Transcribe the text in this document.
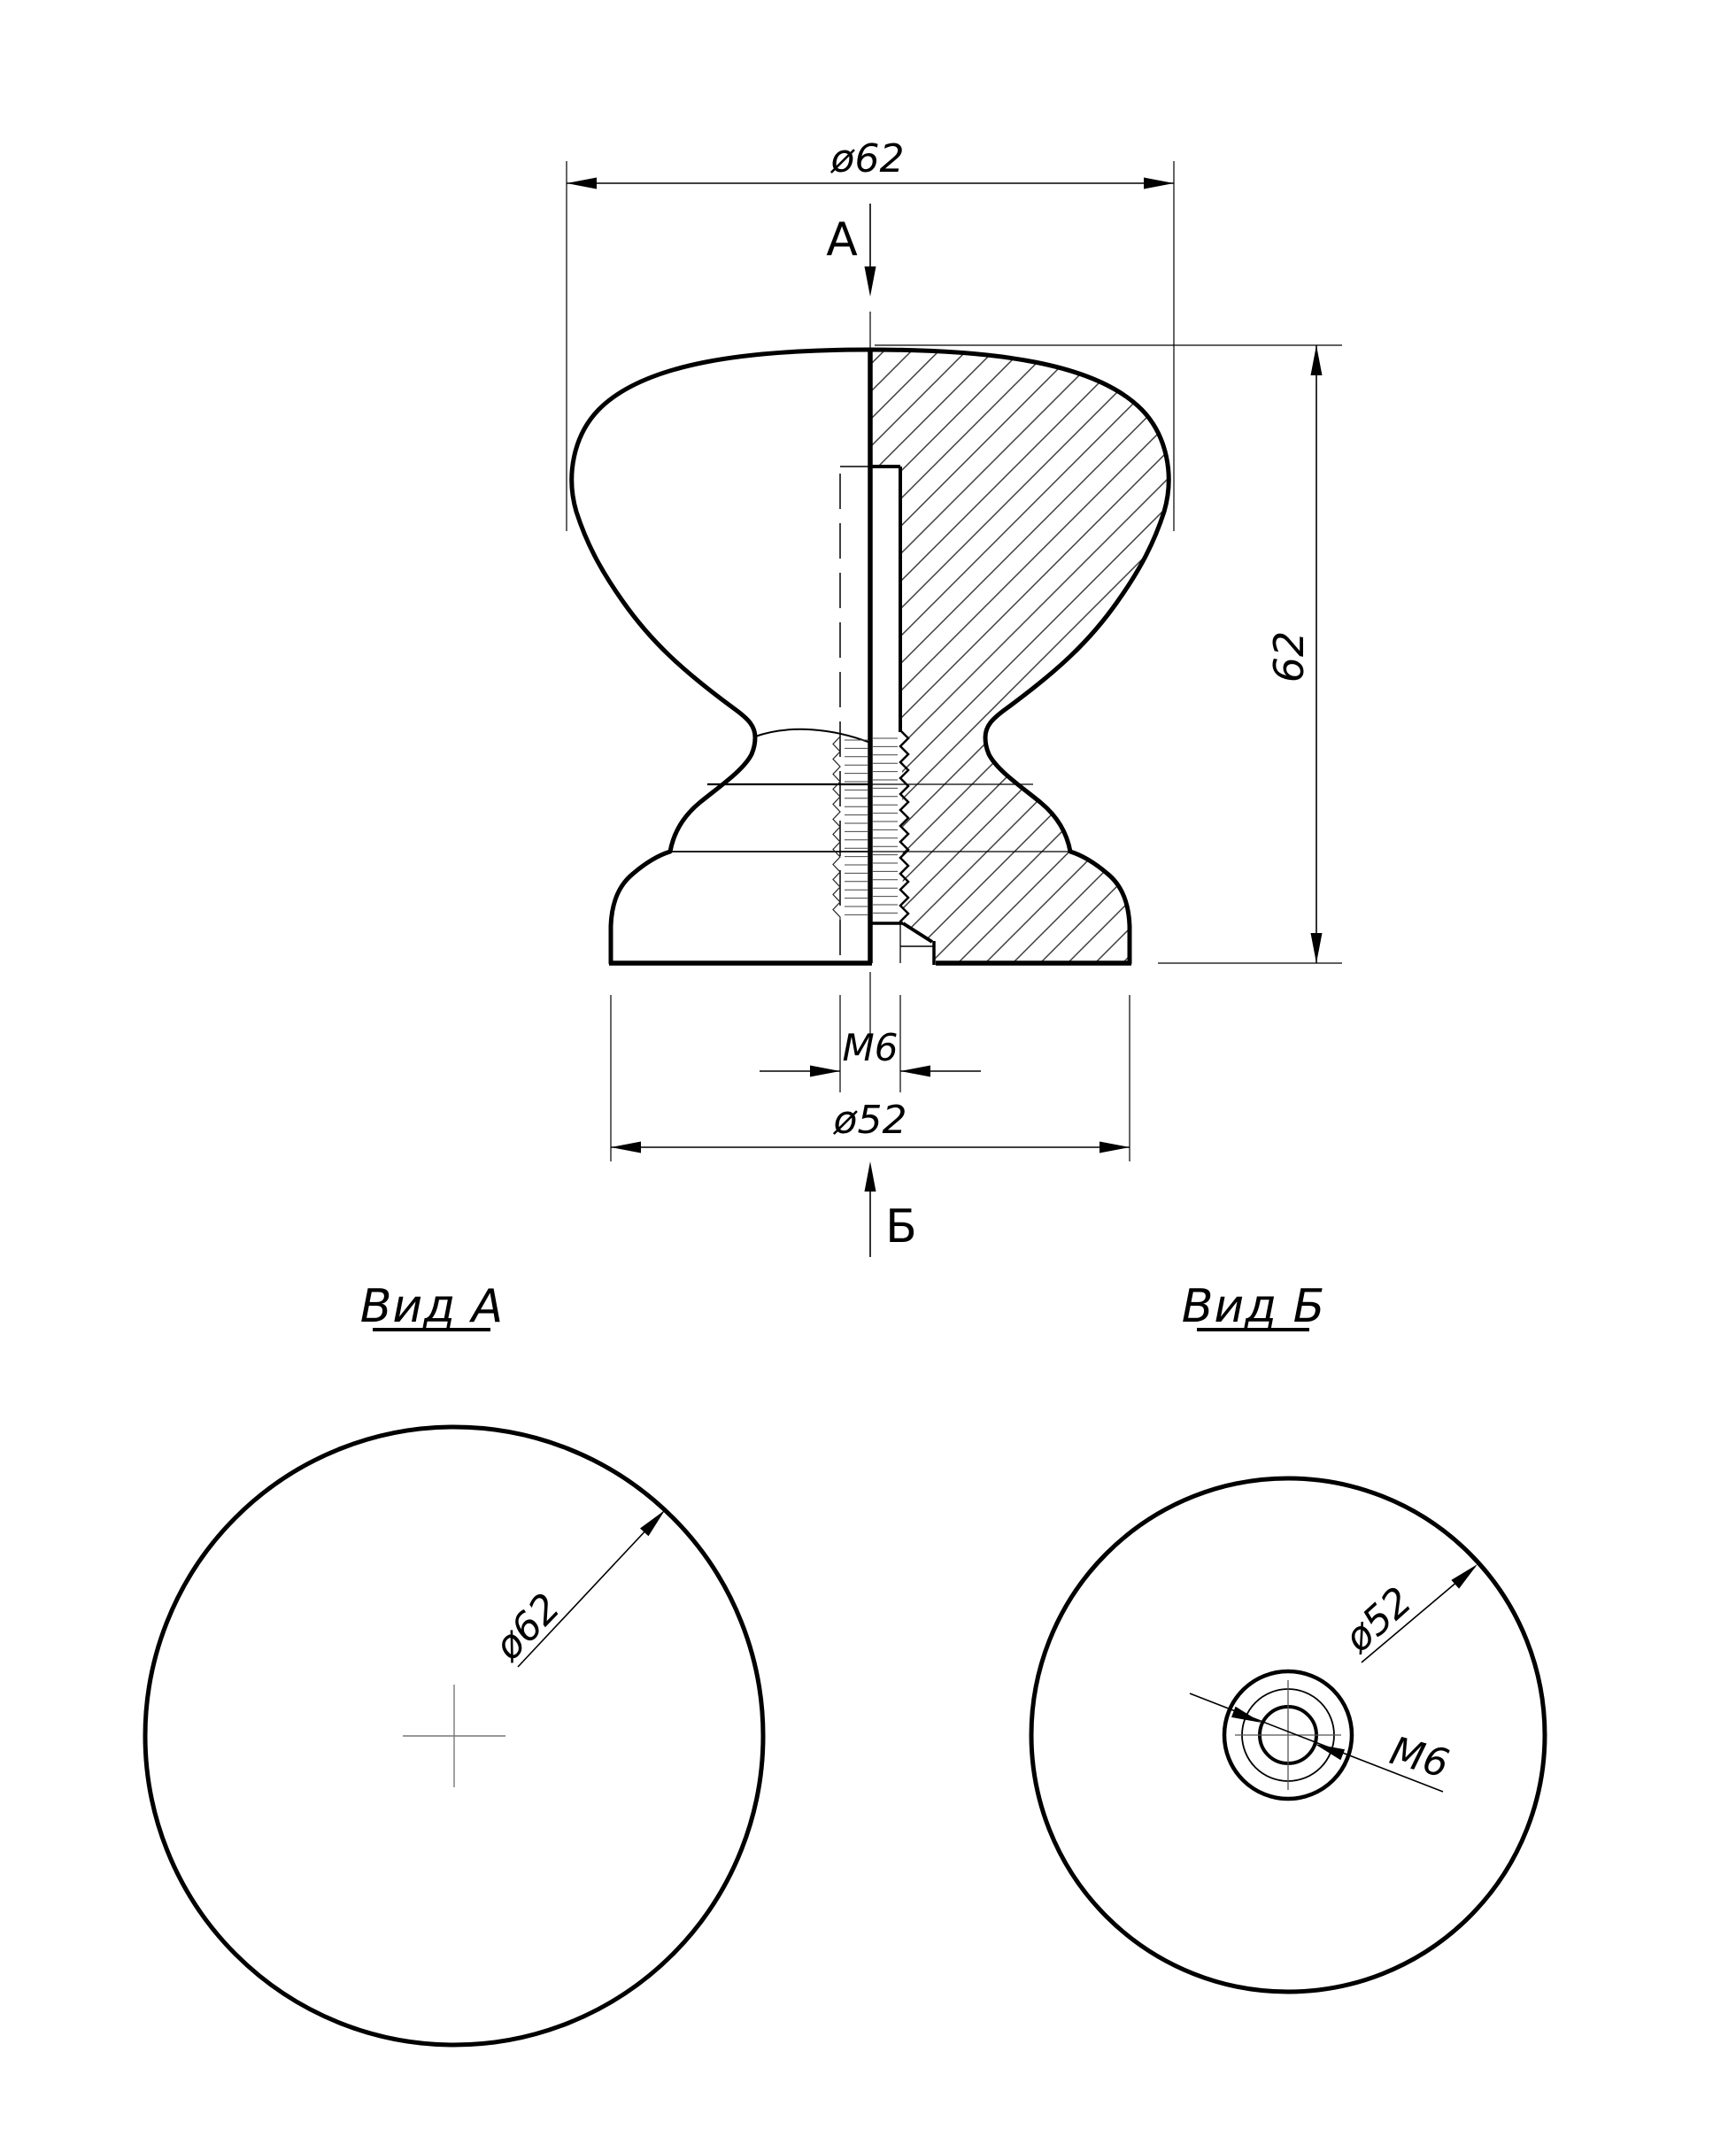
ø62
А
62
M6
ø52
Б
Вид А
ø62
Вид Б
ø52
M6
